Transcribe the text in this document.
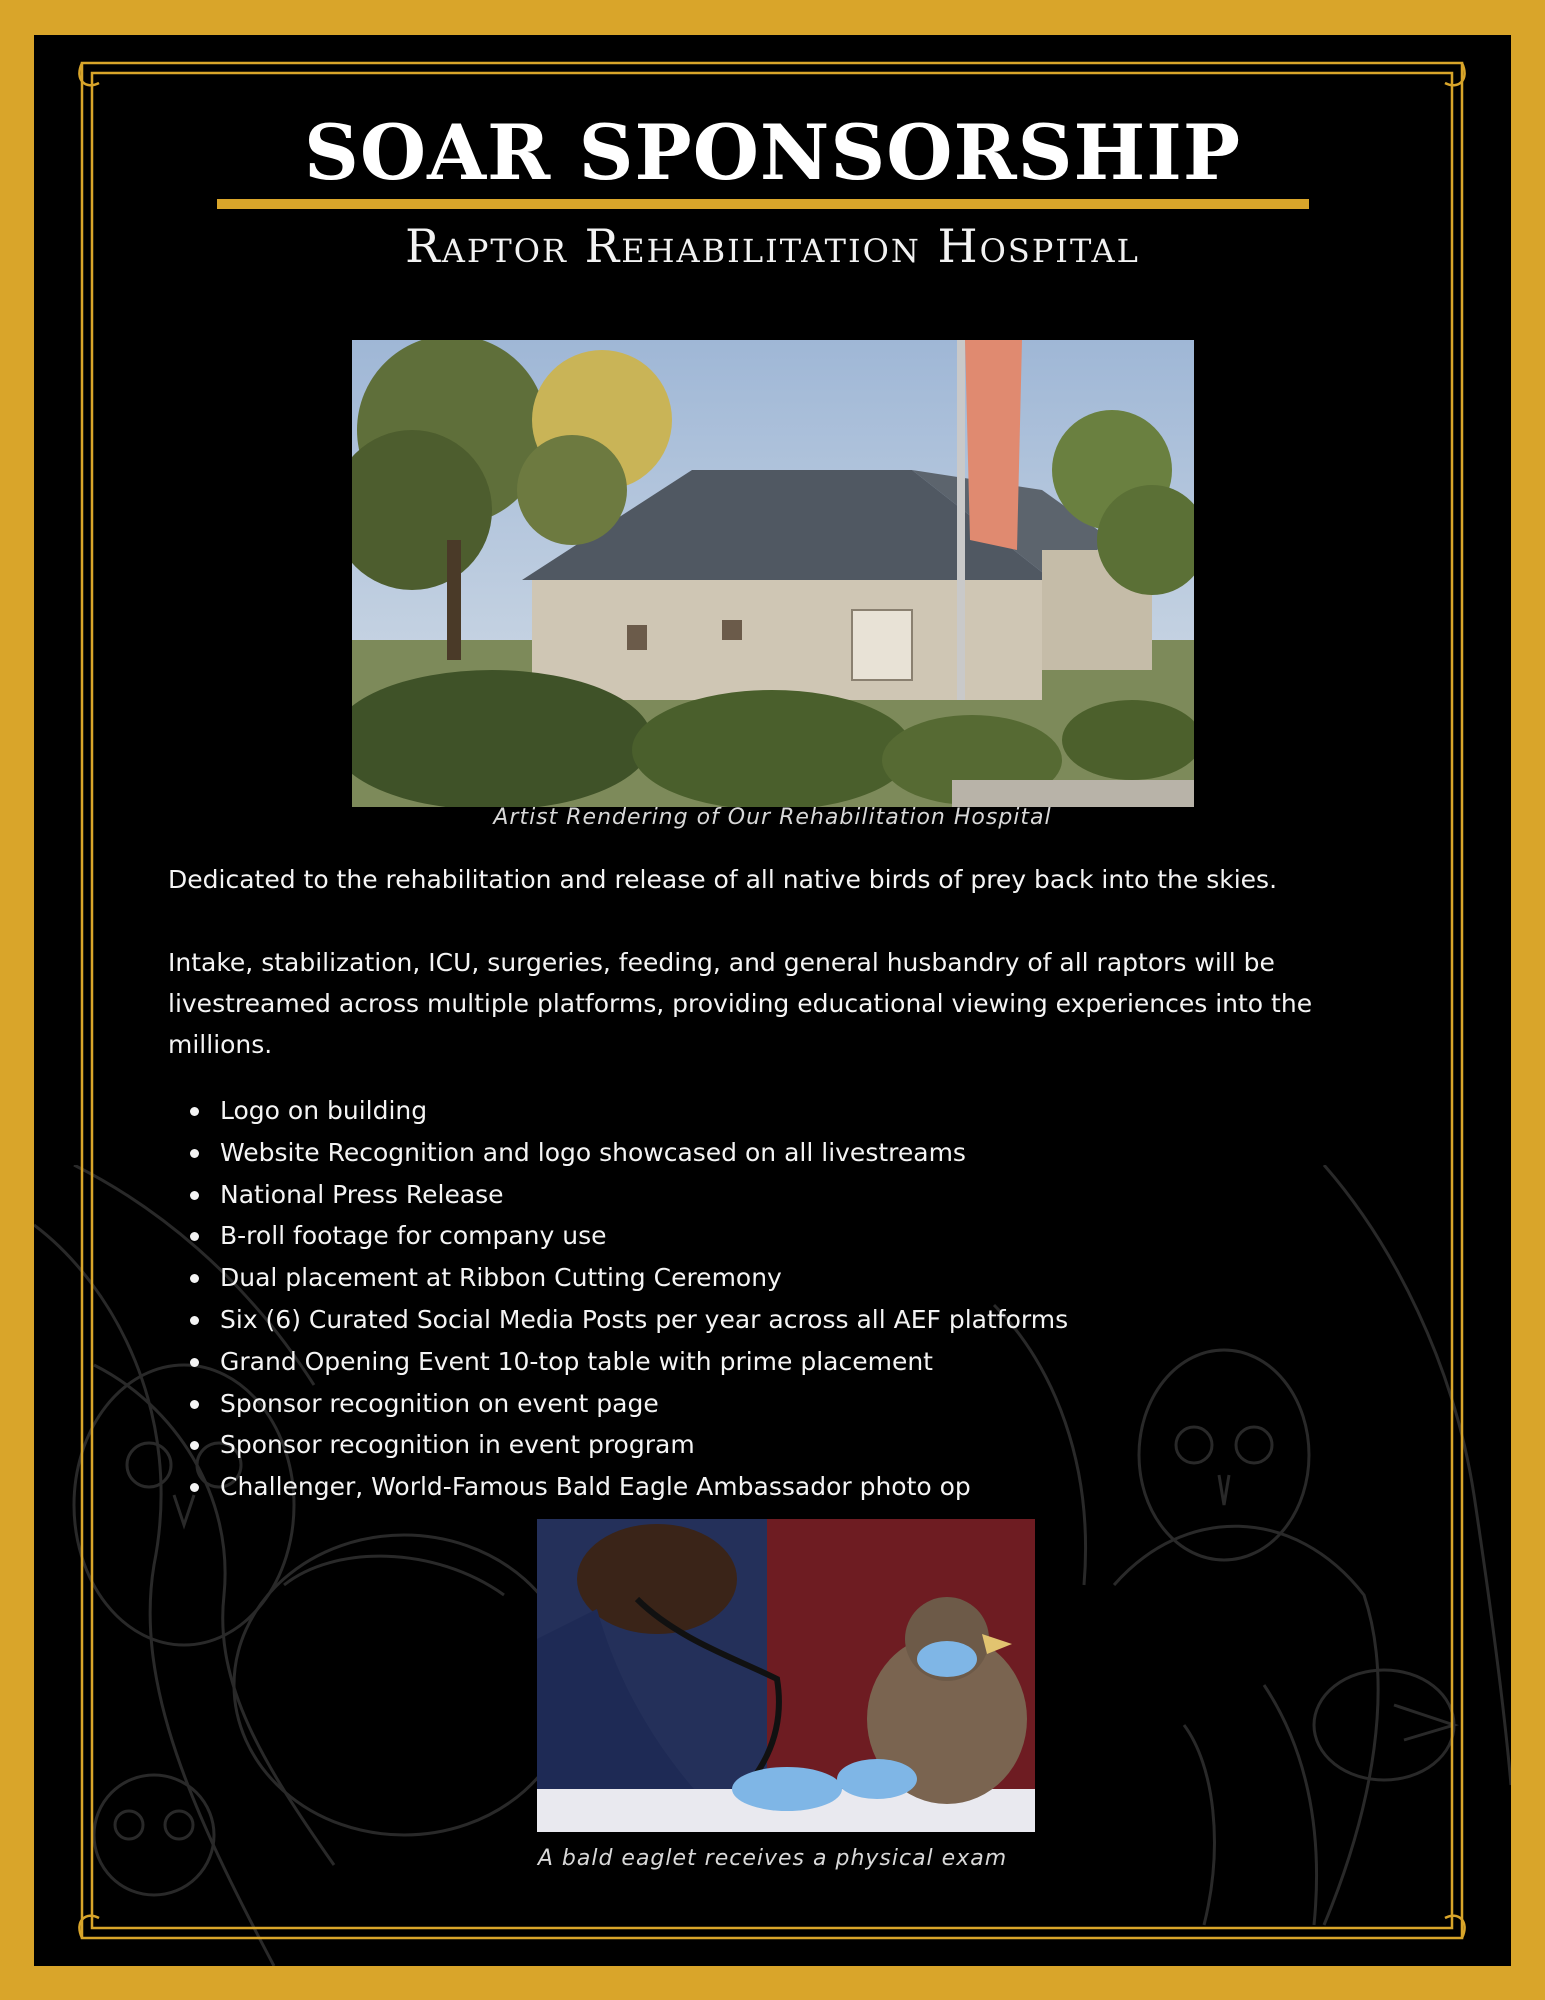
SOAR SPONSORSHIP
Raptor Rehabilitation Hospital
Artist Rendering of Our Rehabilitation Hospital
Dedicated to the rehabilitation and release of all native birds of prey back into the skies.
Intake, stabilization, ICU, surgeries, feeding, and general husbandry of all raptors will be livestreamed across multiple platforms, providing educational viewing experiences into the millions.
Logo on building
Website Recognition and logo showcased on all livestreams
National Press Release
B-roll footage for company use
Dual placement at Ribbon Cutting Ceremony
Six (6) Curated Social Media Posts per year across all AEF platforms
Grand Opening Event 10-top table with prime placement
Sponsor recognition on event page
Sponsor recognition in event program
Challenger, World-Famous Bald Eagle Ambassador photo op
A bald eaglet receives a physical exam
